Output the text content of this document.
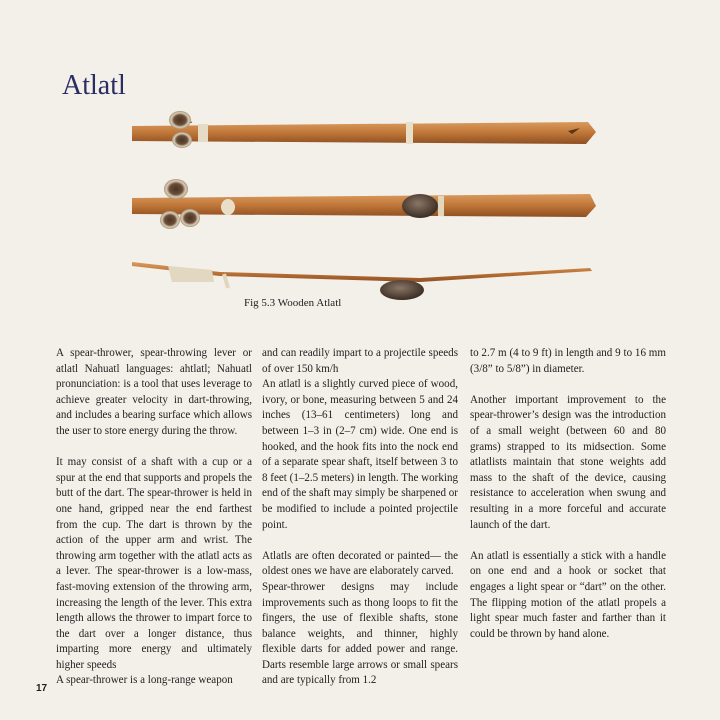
Atlatl
Fig 5.3 Wooden Atlatl

A spear-thrower, spear-throwing lever or atlatl Nahuatl languages: ahtlatl; Nahuatl pronunciation: is a tool that uses leverage to achieve greater velocity in dart-throwing, and includes a bearing surface which allows the user to store energy during the throw.

It may consist of a shaft with a cup or a spur at the end that supports and propels the butt of the dart. The spear-thrower is held in one hand, gripped near the end farthest from the cup. The dart is thrown by the action of the upper arm and wrist. The throwing arm together with the atlatl acts as a lever. The spear-thrower is a low-mass, fast-moving extension of the throwing arm, increasing the length of the lever. This extra length allows the thrower to impart force to the dart over a longer distance, thus imparting more energy and ultimately higher speeds

A spear-thrower is a long-range weapon

and can readily impart to a projectile speeds of over 150 km/h

An atlatl is a slightly curved piece of wood, ivory, or bone, measuring between 5 and 24 inches (13–61 centimeters) long and between 1–3 in (2–7 cm) wide. One end is hooked, and the hook fits into the nock end of a separate spear shaft, itself between 3 to 8 feet (1–2.5 meters) in length. The working end of the shaft may simply be sharpened or be modified to include a pointed projectile point.

Atlatls are often decorated or painted— the oldest ones we have are elaborately carved.

Spear-thrower designs may include improvements such as thong loops to fit the fingers, the use of flexible shafts, stone balance weights, and thinner, highly flexible darts for added power and range. Darts resemble large arrows or small spears and are typically from 1.2

to 2.7 m (4 to 9 ft) in length and 9 to 16 mm (3/8” to 5/8”) in diameter.

Another important improvement to the spear-thrower’s design was the introduction of a small weight (between 60 and 80 grams) strapped to its midsection. Some atlatlists maintain that stone weights add mass to the shaft of the device, causing resistance to acceleration when swung and resulting in a more forceful and accurate launch of the dart.

An atlatl is essentially a stick with a handle on one end and a hook or socket that engages a light spear or “dart” on the other. The flipping motion of the atlatl propels a light spear much faster and farther than it could be thrown by hand alone.

17
